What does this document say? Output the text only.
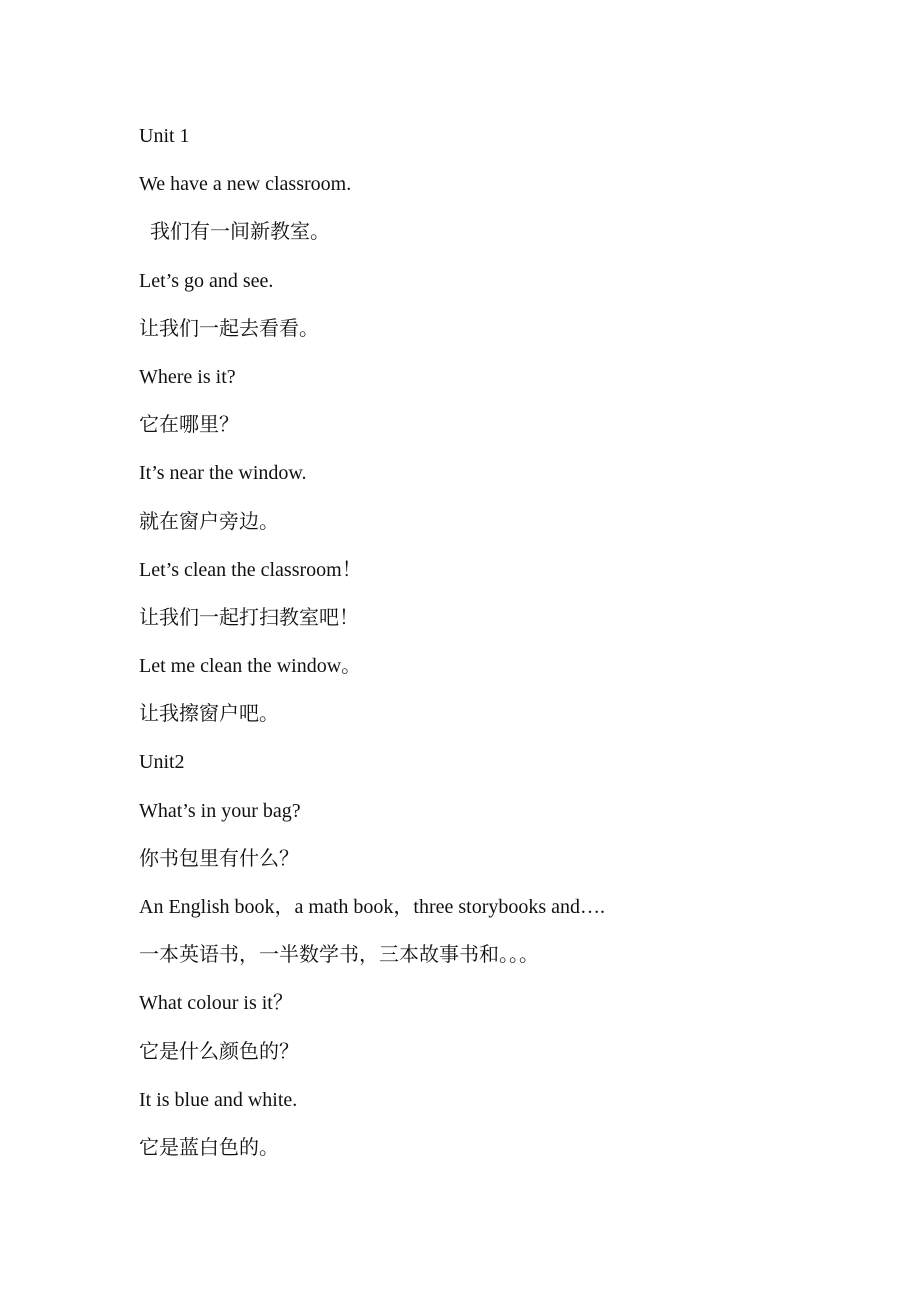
Unit 1
We have a new classroom.
我们有一间新教室。
Let’s go and see.
让我们一起去看看。
Where is it?
它在哪里？
It’s near the window.
就在窗户旁边。
Let’s clean the classroom！
让我们一起打扫教室吧！
Let me clean the window。
让我擦窗户吧。
Unit2
What’s in your bag?
你书包里有什么？
An English book，a math book，three storybooks and….
一本英语书，一半数学书，三本故事书和。。。
What colour is it？
它是什么颜色的？
It is blue and white.
它是蓝白色的。
